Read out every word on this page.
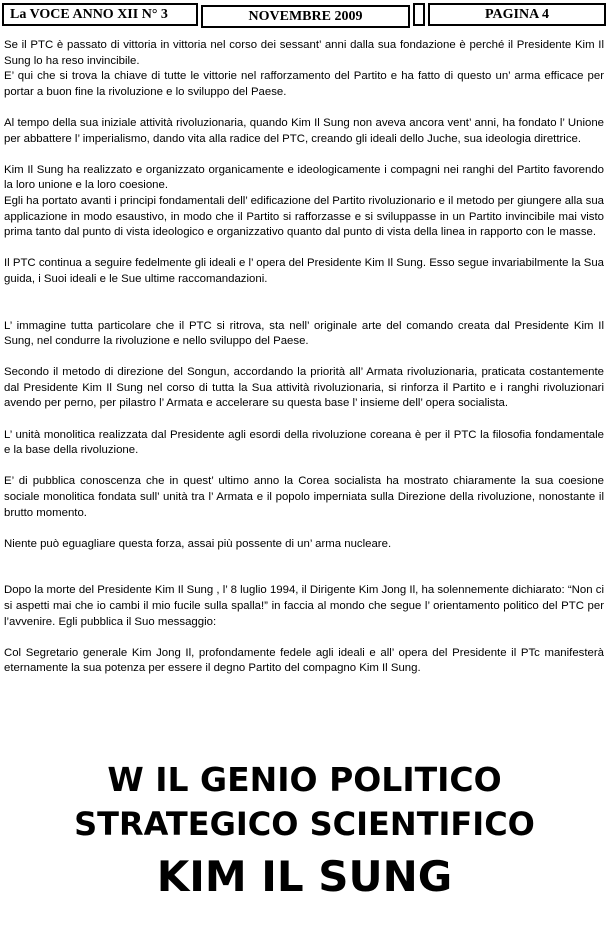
La VOCE ANNO XII N° 3	NOVEMBRE 2009	PAGINA 4

Se il PTC è passato di vittoria in vittoria nel corso dei sessant’ anni dalla sua fondazione è perché il Presidente Kim Il Sung lo ha reso invincibile.

E’ qui che si trova la chiave di tutte le vittorie nel rafforzamento del Partito e ha fatto di questo un’ arma efficace per portar a buon fine la rivoluzione e lo sviluppo del Paese.

Al tempo della sua iniziale attività rivoluzionaria, quando Kim Il Sung non aveva ancora vent’ anni, ha fondato l’ Unione per abbattere l’ imperialismo, dando vita alla radice del PTC, creando gli ideali dello Juche, sua ideologia direttrice.

Kim Il Sung ha realizzato e organizzato organicamente e ideologicamente i compagni nei ranghi del Partito favorendo la loro unione e la loro coesione.

Egli ha portato avanti i principi fondamentali dell’ edificazione del Partito rivoluzionario e il metodo per giungere alla sua applicazione in modo esaustivo, in modo che il Partito si rafforzasse e si sviluppasse in un Partito invincibile mai visto prima tanto dal punto di vista ideologico e organizzativo quanto dal punto di vista della linea in rapporto con le masse.

Il PTC continua a seguire fedelmente gli ideali e l’ opera del Presidente Kim Il Sung. Esso segue invariabilmente la Sua guida, i Suoi ideali e le Sue ultime raccomandazioni.

L’ immagine tutta particolare che il PTC si ritrova, sta nell’ originale arte del comando creata dal Presidente Kim Il Sung, nel condurre la rivoluzione e nello sviluppo del Paese.

Secondo il metodo di direzione del Songun, accordando la priorità all’ Armata rivoluzionaria, praticata costantemente dal Presidente Kim Il Sung nel corso di tutta la Sua attività rivoluzionaria, si rinforza il Partito e i ranghi rivoluzionari avendo per perno, per pilastro l’ Armata e accelerare su questa base l’ insieme dell’ opera socialista.

L’ unità monolitica realizzata dal Presidente agli esordi della rivoluzione coreana è per il PTC la filosofia fondamentale e la base della rivoluzione.

E’ di pubblica conoscenza che in quest’ ultimo anno la Corea socialista ha mostrato chiaramente la sua coesione sociale monolitica fondata sull’ unità tra l’ Armata e il popolo imperniata sulla Direzione della rivoluzione, nonostante il brutto momento.

Niente può eguagliare questa forza, assai più possente di un’ arma nucleare.

Dopo la morte del Presidente Kim Il Sung , l’ 8 luglio 1994, il Dirigente Kim Jong Il, ha solennemente dichiarato: “Non ci si aspetti mai che io cambi il mio fucile sulla spalla!” in faccia al mondo che segue l’ orientamento politico del PTC per l’avvenire. Egli pubblica il Suo messaggio:

Col Segretario generale Kim Jong Il, profondamente fedele agli ideali e all’ opera del Presidente il PTc manifesterà eternamente la sua potenza per essere il degno Partito del compagno Kim Il Sung.

W IL GENIO POLITICO
STRATEGICO SCIENTIFICO
KIM IL SUNG
